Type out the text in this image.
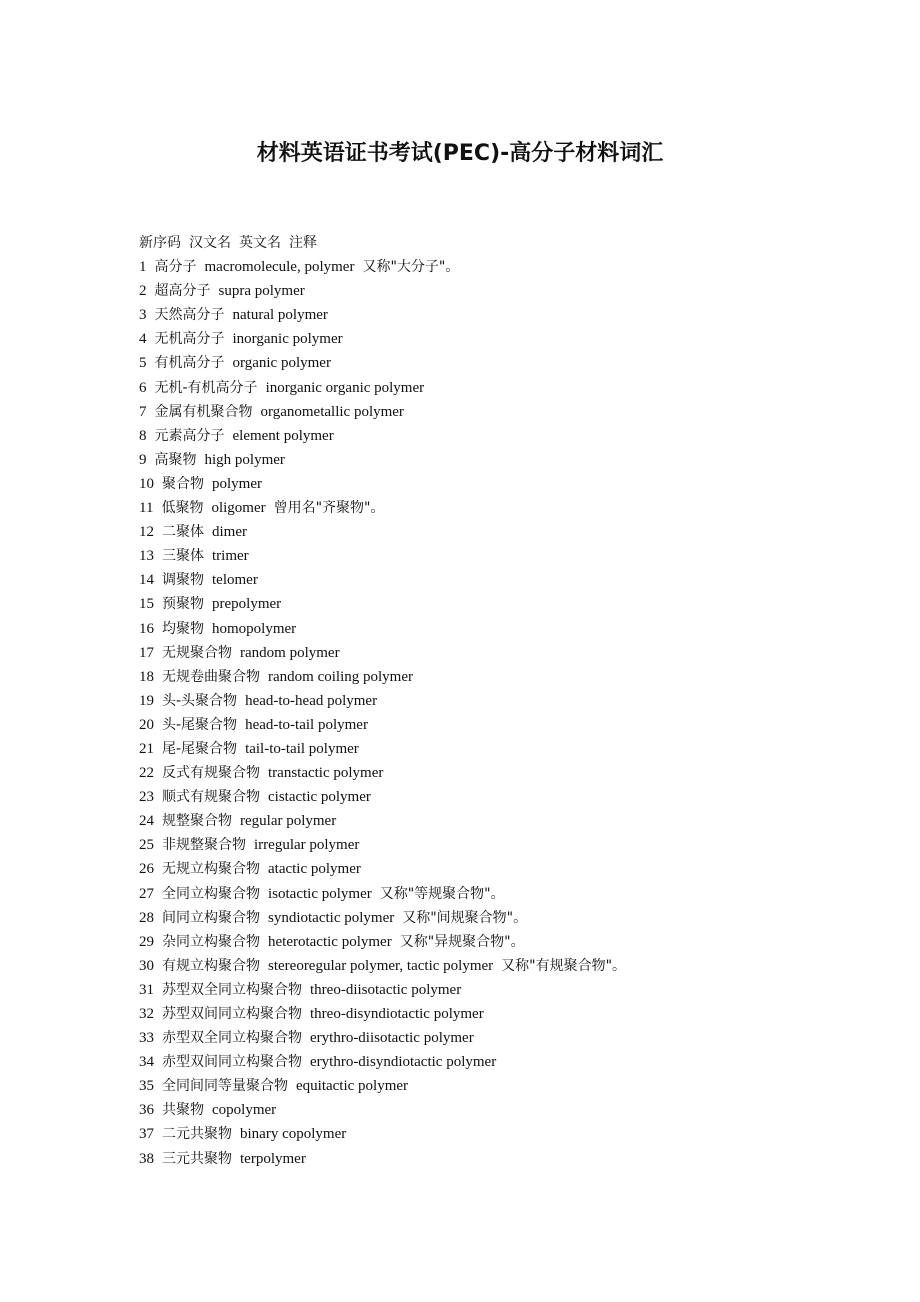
材料英语证书考试(PEC)-高分子材料词汇
新序码 汉文名 英文名 注释
1 高分子 macromolecule, polymer 又称"大分子"。
2 超高分子 supra polymer
3 天然高分子 natural polymer
4 无机高分子 inorganic polymer
5 有机高分子 organic polymer
6 无机-有机高分子 inorganic organic polymer
7 金属有机聚合物 organometallic polymer
8 元素高分子 element polymer
9 高聚物 high polymer
10 聚合物 polymer
11 低聚物 oligomer 曾用名"齐聚物"。
12 二聚体 dimer
13 三聚体 trimer
14 调聚物 telomer
15 预聚物 prepolymer
16 均聚物 homopolymer
17 无规聚合物 random polymer
18 无规卷曲聚合物 random coiling polymer
19 头-头聚合物 head-to-head polymer
20 头-尾聚合物 head-to-tail polymer
21 尾-尾聚合物 tail-to-tail polymer
22 反式有规聚合物 transtactic polymer
23 顺式有规聚合物 cistactic polymer
24 规整聚合物 regular polymer
25 非规整聚合物 irregular polymer
26 无规立构聚合物 atactic polymer
27 全同立构聚合物 isotactic polymer 又称"等规聚合物"。
28 间同立构聚合物 syndiotactic polymer 又称"间规聚合物"。
29 杂同立构聚合物 heterotactic polymer 又称"异规聚合物"。
30 有规立构聚合物 stereoregular polymer, tactic polymer 又称"有规聚合物"。
31 苏型双全同立构聚合物 threo-diisotactic polymer
32 苏型双间同立构聚合物 threo-disyndiotactic polymer
33 赤型双全同立构聚合物 erythro-diisotactic polymer
34 赤型双间同立构聚合物 erythro-disyndiotactic polymer
35 全同间同等量聚合物 equitactic polymer
36 共聚物 copolymer
37 二元共聚物 binary copolymer
38 三元共聚物 terpolymer
